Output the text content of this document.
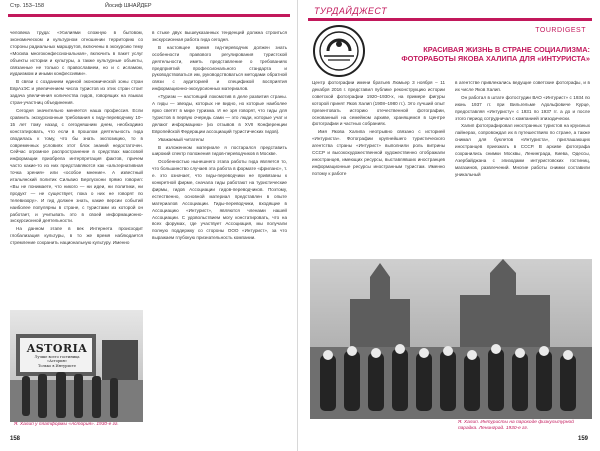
Стр. 153–158	Йосиф ШНАЙДЕР

человека труда: «Усилиями сложную в бытовом, экономическом и культурном отношении территорию со стороны радиальных маршрутов, включены в экскурсию тему «Москва многоконфессиональная», включить в пакет услуг объекты истории и культуры, а также культурные объекты, связанные не только с православием, но и с исламом, иудаизмом и иными конфессиями».

В связи с созданием единой экономической зоны стран ЕврАзЭС и увеличением числа туристов из этих стран стоит задача увеличения количества гидов, говорящих на языках стран-участниц объединения.

Сегодня значительно меняется наша профессия. Если сравнить экскурсионные требования к гиду-переводчику 10–15 лет тому назад с сегодняшним днем, необходимо констатировать, что если в прошлом деятельность гида сводилась к тому, что бы знать экспозицию, то в современных условиях этот блок знаний недостаточен. Сейчас огромное распространение в средствах массовой информации приобрела интерпретация фактов, причем часто какие-то из них представляются как «альтернативная точка зрения» или «особое мнение». А известный итальянский политик Сильвио Берлускони прямо говорил: «Вы не понимаете, что никого — ни идеи, ни политики, ни продукт — не существует, пока о них не говорят по телевизору». И гид должен знать, какие версии событий наиболее популярны в стране, с туристами из которой он работает, и учитывать это в своей информационно-экскурсионной деятельности.

На данном этапе в век Интернета происходит глобализация культуры, в то же время наблюдается стремление сохранить национальную культуру. Именно

в стыке двух вышеуказанных тенденций должна строиться экскурсионная работа гида сегодня.

В настоящее время гид-переводчик должен знать особенности правового регулирования туристской деятельности, иметь представление о требованиях предприятий профессионального стандарта и руководствоваться им, руководствоваться методами обратной связи с аудиторией и спецификой восприятия информационно-экскурсионных материалов.

«Туризм — настоящий локомотив в деле развития страны. А гиды — звезды, которых не видно, но которые наиболее ярко светят в мире туризма. И не зря говорят, что гиды для туристов в первую очередь сами — это люди, которые учат и делают информацию» (из отзывов в XVII Конференции Европейской Федерации ассоциаций туристических гидов).

Уважаемый читатель!

В изложенном материале я постарался представить широкий спектр положения гидов-переводчиков в Москве.

Особенностью нынешнего этапа работы гида является то, что большинство случаев эта работа в формате «фриланс», т. е. это означает, что гиды-переводчики не привязаны к конкретной фирме, сначала гиды работают на туристические фирмы, гидов Ассоциации гидов-переводчиков. Поэтому, естественно, основной материал представлен в опыте материалов Ассоциации. Гиды-переводчики, входящие в Ассоциацию «Интурист», являются членами нашей Ассоциации. С удовольствием могу констатировать, что на всех форумах, где участвует Ассоциация, мы получали полную поддержку со стороны ООО «Интурист», за что выражаем глубокую признательность компании.

158
ТУРДАЙДЖЕСТ
TOURDIGEST
КРАСИВАЯ ЖИЗНЬ В СТРАНЕ СОЦИАЛИЗМА: ФОТОРАБОТЫ ЯКОВА ХАЛИПА ДЛЯ «ИНТУРИСТА»

Центр фотографии имени братьев Люмьер 3 ноября – 11 декабря 2016 г. представил публике реконструкцию истории советской фотографии 1920–1930-х, на примере фигуры которой принят Яков Халип (1908–1980 гг.). Это лучший опыт презентовать историю отечественной фотографии, основанный на семейном архиве, хранящемся в Центре фотографии и частных собраниях.

Имя Якова Халипа неотрывно связано с историей «Интуриста». Фотографии крупнейшего туристического агентства страны «Интурист» выполнили роль витрины СССР и высокохудожественной художественно отображали иностранцев, имеющих ресурсы, выставлявших иностранцев информационные ресурсы иностранным туристам. Именно потому к работе

в агентстве привлекались ведущие советские фотографы, и в их числе Яков Халип.

Он работал в штате фотостудии ВАО «Интурист» с 1934 по июнь 1937 гг. при Вильгельме Адольфовиче Курце, предоставляя «Интуристу» с 1931 по 1937 гг. а до и после этого период сотрудничал с компанией эпизодически.

Халип фотографировал иностранных туристов на круизных лайнерах, сопровождал их в путешествиях по стране, а также снимал для буклетов «Интуриста», приглашающих иностранцев приезжать в СССР. В архиве фотографа сохранились снимки Москвы, Ленинграда, Киева, Одессы, Азербайджана с эпизодами интуристовских гостиниц, магазинов, развлечений. Многие работы снимки составили уникальный

159
ASTORIA
Лучше всего гостиница «Астория»
Только в Интуристе
Я. Халип у платформы «Астория». 1930-е гг.	Я. Халип. Интуристы на пароходе физкультурной парадка. Ленинград. 1930-е гг.
